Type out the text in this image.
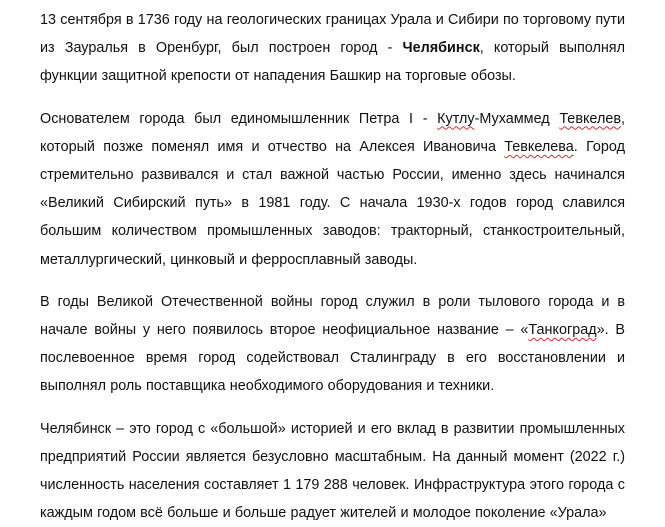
13 сентября в 1736 году на геологических границах Урала и Сибири по торговому пути из Зауралья в Оренбург, был построен город - Челябинск, который выполнял функции защитной крепости от нападения Башкир на торговые обозы.

Основателем города был единомышленник Петра I - Кутлу-Мухаммед Тевкелев, который позже поменял имя и отчество на Алексея Ивановича Тевкелева. Город стремительно развивался и стал важной частью России, именно здесь начинался «Великий Сибирский путь» в 1981 году. С начала 1930-х годов город славился большим количеством промышленных заводов: тракторный, станкостроительный, металлургический, цинковый и ферросплавный заводы.

В годы Великой Отечественной войны город служил в роли тылового города и в начале войны у него появилось второе неофициальное название – «Танкоград». В послевоенное время город содействовал Сталинграду в его восстановлении и выполнял роль поставщика необходимого оборудования и техники.

Челябинск – это город с «большой» историей и его вклад в развитии промышленных предприятий России является безусловно масштабным. На данный момент (2022 г.) численность населения составляет 1 179 288 человек. Инфраструктура этого города с каждым годом всё больше и больше радует жителей и молодое поколение «Урала»
